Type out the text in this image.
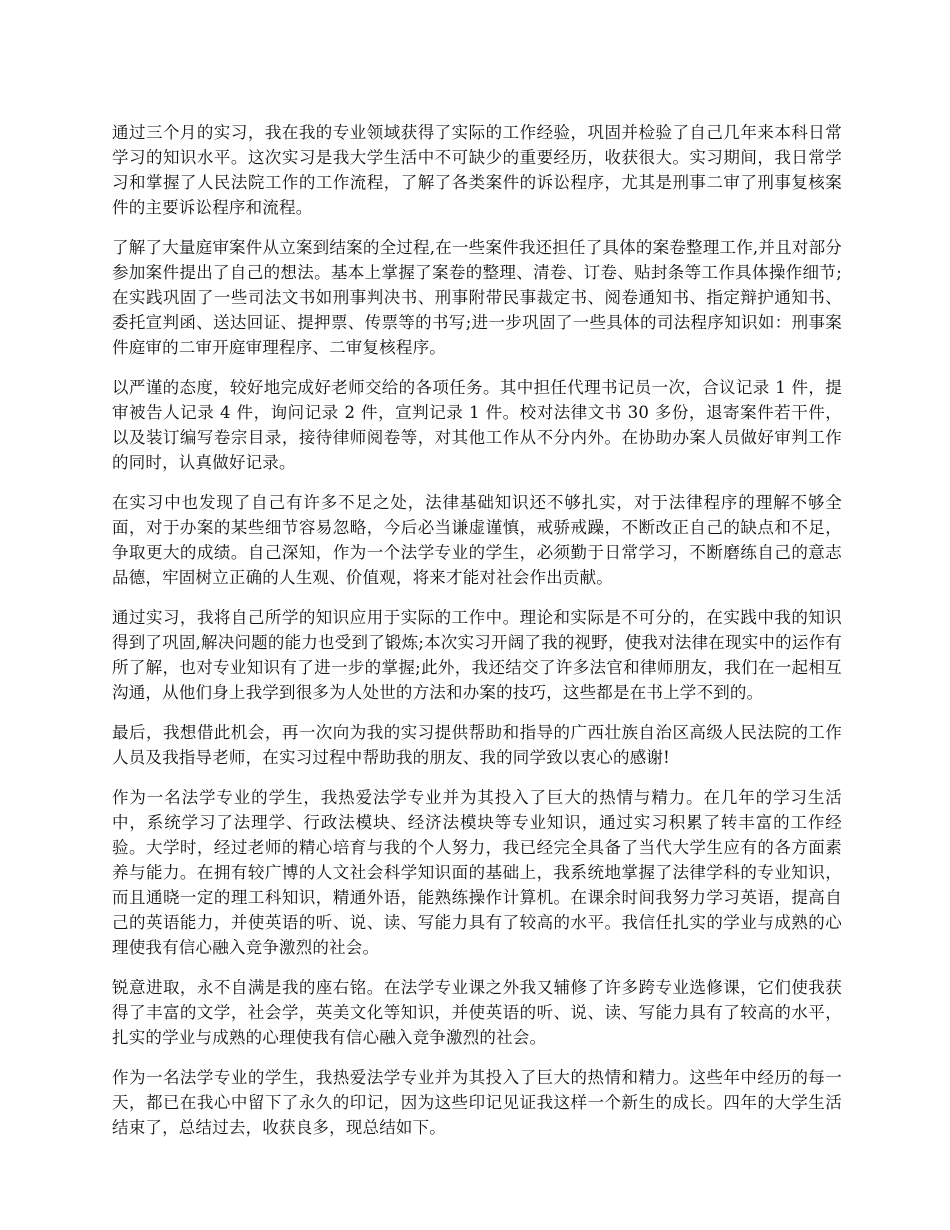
通过三个月的实习，我在我的专业领域获得了实际的工作经验，巩固并检验了自己几年来本科日常学习的知识水平。这次实习是我大学生活中不可缺少的重要经历，收获很大。实习期间，我日常学习和掌握了人民法院工作的工作流程，了解了各类案件的诉讼程序，尤其是刑事二审了刑事复核案件的主要诉讼程序和流程。

了解了大量庭审案件从立案到结案的全过程,在一些案件我还担任了具体的案卷整理工作,并且对部分参加案件提出了自己的想法。基本上掌握了案卷的整理、清卷、订卷、贴封条等工作具体操作细节;在实践巩固了一些司法文书如刑事判决书、刑事附带民事裁定书、阅卷通知书、指定辩护通知书、委托宣判函、送达回证、提押票、传票等的书写;进一步巩固了一些具体的司法程序知识如：刑事案件庭审的二审开庭审理程序、二审复核程序。

以严谨的态度，较好地完成好老师交给的各项任务。其中担任代理书记员一次，合议记录 1 件，提审被告人记录 4 件，询问记录 2 件，宣判记录 1 件。校对法律文书 30 多份，退寄案件若干件，以及装订编写卷宗目录，接待律师阅卷等，对其他工作从不分内外。在协助办案人员做好审判工作的同时，认真做好记录。

在实习中也发现了自己有许多不足之处，法律基础知识还不够扎实，对于法律程序的理解不够全面，对于办案的某些细节容易忽略，今后必当谦虚谨慎，戒骄戒躁，不断改正自己的缺点和不足，争取更大的成绩。自己深知，作为一个法学专业的学生，必须勤于日常学习，不断磨练自己的意志品德，牢固树立正确的人生观、价值观，将来才能对社会作出贡献。

通过实习，我将自己所学的知识应用于实际的工作中。理论和实际是不可分的，在实践中我的知识得到了巩固,解决问题的能力也受到了锻炼;本次实习开阔了我的视野，使我对法律在现实中的运作有所了解，也对专业知识有了进一步的掌握;此外，我还结交了许多法官和律师朋友，我们在一起相互沟通，从他们身上我学到很多为人处世的方法和办案的技巧，这些都是在书上学不到的。

最后，我想借此机会，再一次向为我的实习提供帮助和指导的广西壮族自治区高级人民法院的工作人员及我指导老师，在实习过程中帮助我的朋友、我的同学致以衷心的感谢!

作为一名法学专业的学生，我热爱法学专业并为其投入了巨大的热情与精力。在几年的学习生活中，系统学习了法理学、行政法模块、经济法模块等专业知识，通过实习积累了转丰富的工作经验。大学时，经过老师的精心培育与我的个人努力，我已经完全具备了当代大学生应有的各方面素养与能力。在拥有较广博的人文社会科学知识面的基础上，我系统地掌握了法律学科的专业知识，而且通晓一定的理工科知识，精通外语，能熟练操作计算机。在课余时间我努力学习英语，提高自己的英语能力，并使英语的听、说、读、写能力具有了较高的水平。我信任扎实的学业与成熟的心理使我有信心融入竞争激烈的社会。

锐意进取，永不自满是我的座右铭。在法学专业课之外我又辅修了许多跨专业选修课，它们使我获得了丰富的文学，社会学，英美文化等知识，并使英语的听、说、读、写能力具有了较高的水平，扎实的学业与成熟的心理使我有信心融入竞争激烈的社会。

作为一名法学专业的学生，我热爱法学专业并为其投入了巨大的热情和精力。这些年中经历的每一天，都已在我心中留下了永久的印记，因为这些印记见证我这样一个新生的成长。四年的大学生活结束了，总结过去，收获良多，现总结如下。
